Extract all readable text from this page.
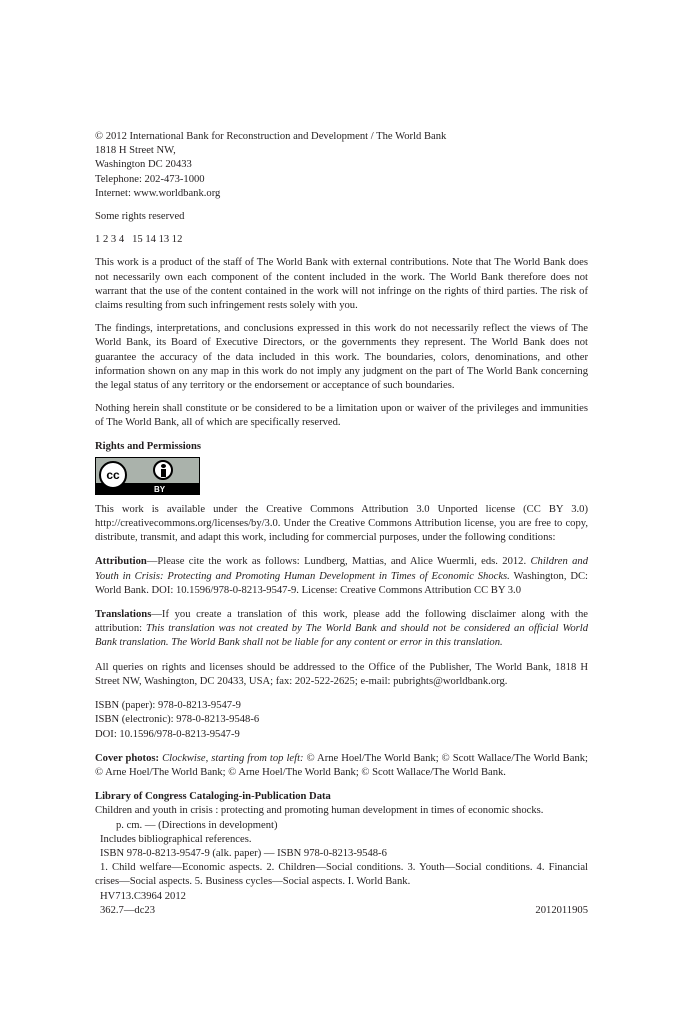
© 2012 International Bank for Reconstruction and Development / The World Bank

1818 H Street NW,

Washington DC 20433

Telephone: 202-473-1000

Internet: www.worldbank.org

Some rights reserved

1 2 3 4   15 14 13 12

This work is a product of the staff of The World Bank with external contributions. Note that The World Bank does not necessarily own each component of the content included in the work. The World Bank therefore does not warrant that the use of the content contained in the work will not infringe on the rights of third parties. The risk of claims resulting from such infringement rests solely with you.

The findings, interpretations, and conclusions expressed in this work do not necessarily reflect the views of The World Bank, its Board of Executive Directors, or the governments they represent. The World Bank does not guarantee the accuracy of the data included in this work. The boundaries, colors, denominations, and other information shown on any map in this work do not imply any judgment on the part of The World Bank concerning the legal status of any territory or the endorsement or acceptance of such boundaries.

Nothing herein shall constitute or be considered to be a limitation upon or waiver of the privileges and immunities of The World Bank, all of which are specifically reserved.

Rights and Permissions

cc
BY

This work is available under the Creative Commons Attribution 3.0 Unported license (CC BY 3.0) http://creativecommons.org/licenses/by/3.0. Under the Creative Commons Attribution license, you are free to copy, distribute, transmit, and adapt this work, including for commercial purposes, under the following conditions:

Attribution—Please cite the work as follows: Lundberg, Mattias, and Alice Wuermli, eds. 2012. Children and Youth in Crisis: Protecting and Promoting Human Development in Times of Economic Shocks. Washington, DC: World Bank. DOI: 10.1596/978-0-8213-9547-9. License: Creative Commons Attribution CC BY 3.0

Translations—If you create a translation of this work, please add the following disclaimer along with the attribution: This translation was not created by The World Bank and should not be considered an official World Bank translation. The World Bank shall not be liable for any content or error in this translation.

All queries on rights and licenses should be addressed to the Office of the Publisher, The World Bank, 1818 H Street NW, Washington, DC 20433, USA; fax: 202-522-2625; e-mail: pubrights@worldbank.org.

ISBN (paper): 978-0-8213-9547-9

ISBN (electronic): 978-0-8213-9548-6

DOI: 10.1596/978-0-8213-9547-9

Cover photos: Clockwise, starting from top left: © Arne Hoel/The World Bank; © Scott Wallace/The World Bank; © Arne Hoel/The World Bank; © Arne Hoel/The World Bank; © Scott Wallace/The World Bank.

Library of Congress Cataloging-in-Publication Data

Children and youth in crisis : protecting and promoting human development in times of economic shocks.

p. cm. — (Directions in development)

Includes bibliographical references.

ISBN 978-0-8213-9547-9 (alk. paper) — ISBN 978-0-8213-9548-6

1. Child welfare—Economic aspects. 2. Children—Social conditions. 3. Youth—Social conditions. 4. Financial crises—Social aspects. 5. Business cycles—Social aspects. I. World Bank.

HV713.C3964 2012

362.7—dc23	2012011905
